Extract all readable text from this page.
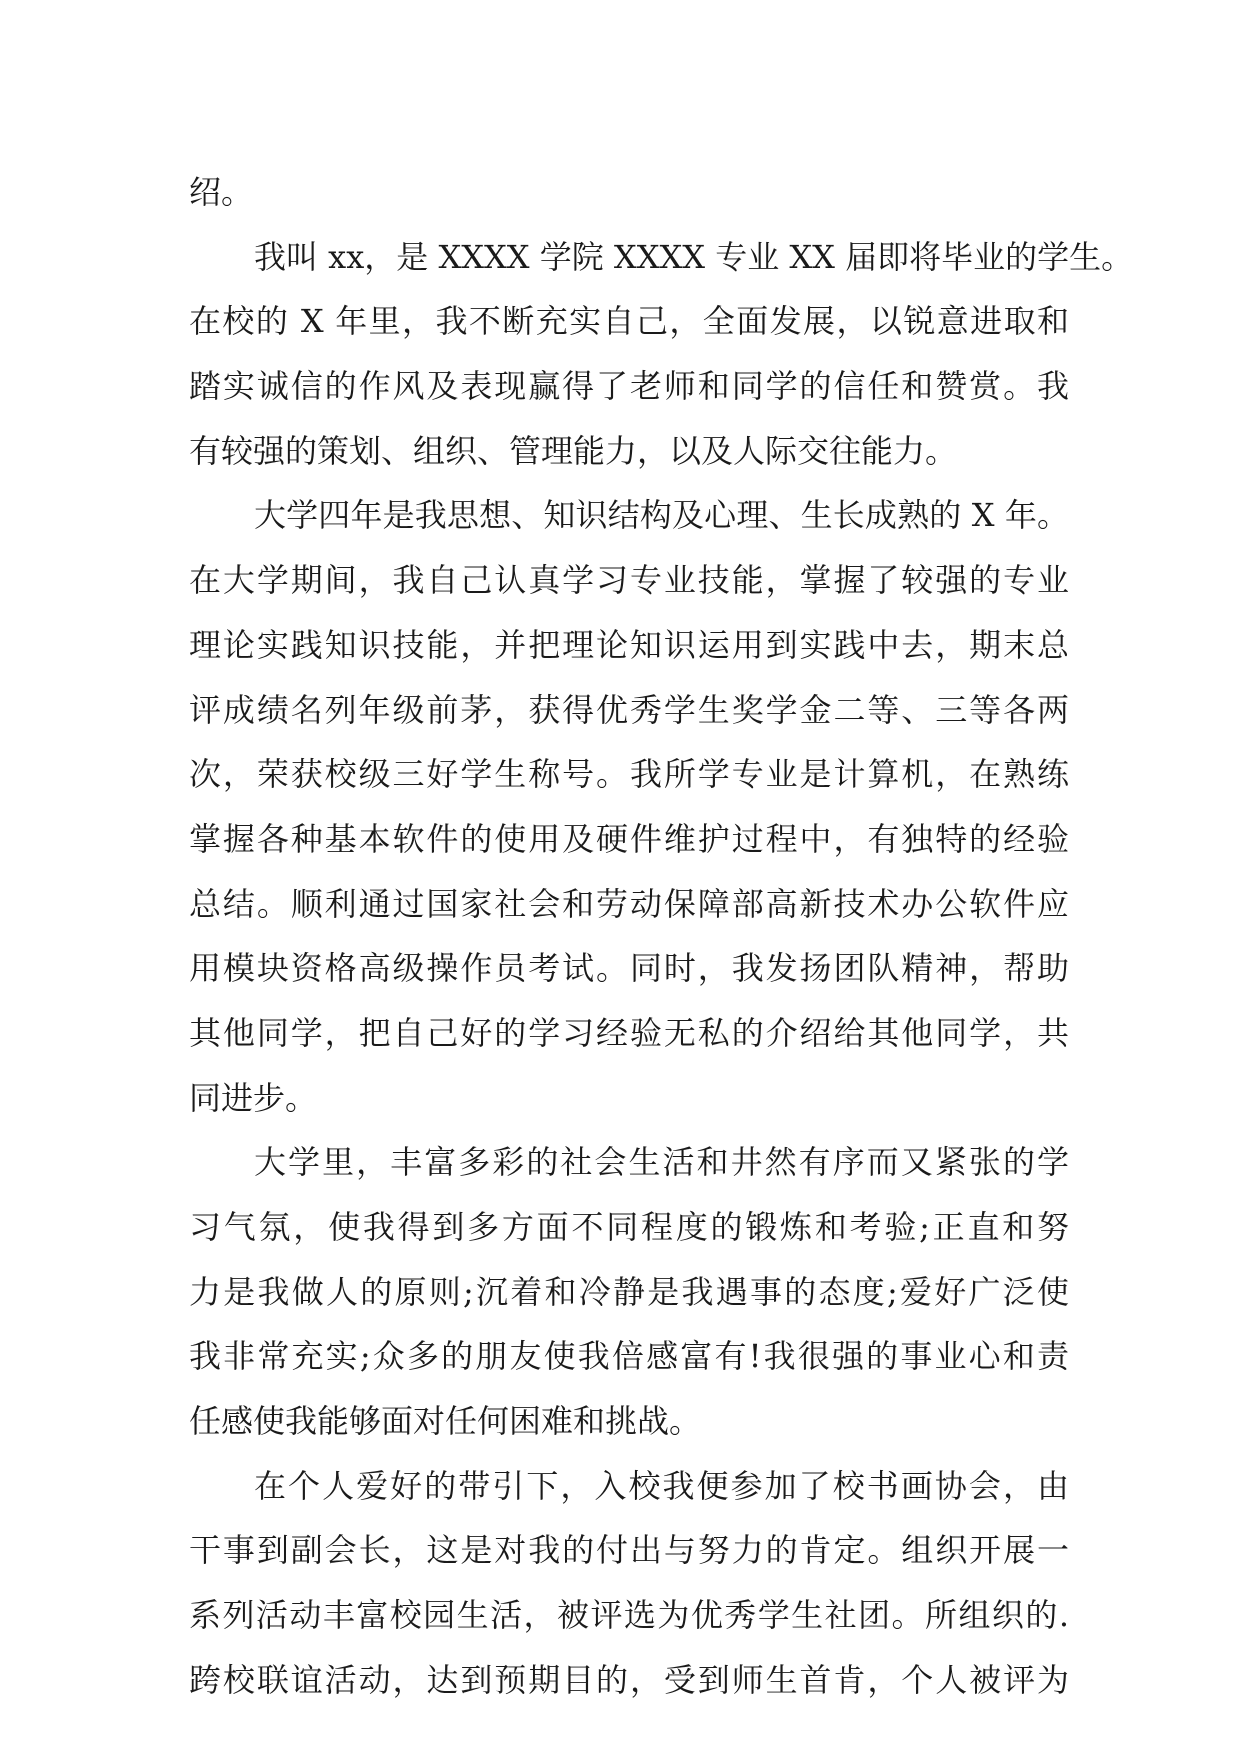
绍。
我叫 xx，是 XXXX 学院 XXXX 专业 XX 届即将毕业的学生。
在校的 X 年里，我不断充实自己，全面发展，以锐意进取和
踏实诚信的作风及表现赢得了老师和同学的信任和赞赏。我
有较强的策划、组织、管理能力，以及人际交往能力。
大学四年是我思想、知识结构及心理、生长成熟的 X 年。
在大学期间，我自己认真学习专业技能，掌握了较强的专业
理论实践知识技能，并把理论知识运用到实践中去，期末总
评成绩名列年级前茅，获得优秀学生奖学金二等、三等各两
次，荣获校级三好学生称号。我所学专业是计算机，在熟练
掌握各种基本软件的使用及硬件维护过程中，有独特的经验
总结。顺利通过国家社会和劳动保障部高新技术办公软件应
用模块资格高级操作员考试。同时，我发扬团队精神，帮助
其他同学，把自己好的学习经验无私的介绍给其他同学，共
同进步。
大学里，丰富多彩的社会生活和井然有序而又紧张的学
习气氛，使我得到多方面不同程度的锻炼和考验;正直和努
力是我做人的原则;沉着和冷静是我遇事的态度;爱好广泛使
我非常充实;众多的朋友使我倍感富有!我很强的事业心和责
任感使我能够面对任何困难和挑战。
在个人爱好的带引下，入校我便参加了校书画协会，由
干事到副会长，这是对我的付出与努力的肯定。组织开展一
系列活动丰富校园生活，被评选为优秀学生社团。所组织的.
跨校联谊活动，达到预期目的，受到师生首肯，个人被评为
